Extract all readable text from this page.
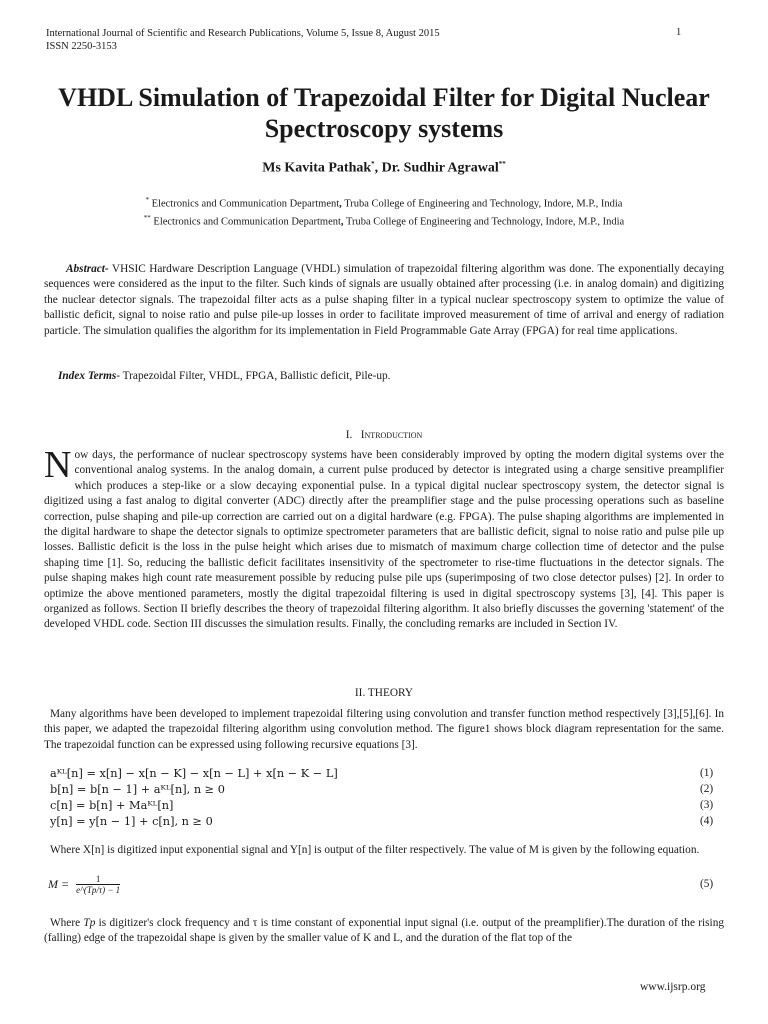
International Journal of Scientific and Research Publications, Volume 5, Issue 8, August 2015
ISSN 2250-3153
1
VHDL Simulation of Trapezoidal Filter for Digital Nuclear Spectroscopy systems
Ms Kavita Pathak*, Dr. Sudhir Agrawal**
* Electronics and Communication Department, Truba College of Engineering and Technology, Indore, M.P., India
** Electronics and Communication Department, Truba College of Engineering and Technology, Indore, M.P., India
Abstract- VHSIC Hardware Description Language (VHDL) simulation of trapezoidal filtering algorithm was done. The exponentially decaying sequences were considered as the input to the filter. Such kinds of signals are usually obtained after processing (i.e. in analog domain) and digitizing the nuclear detector signals. The trapezoidal filter acts as a pulse shaping filter in a typical nuclear spectroscopy system to optimize the value of ballistic deficit, signal to noise ratio and pulse pile-up losses in order to facilitate improved measurement of time of arrival and energy of radiation particle. The simulation qualifies the algorithm for its implementation in Field Programmable Gate Array (FPGA) for real time applications.
Index Terms- Trapezoidal Filter, VHDL, FPGA, Ballistic deficit, Pile-up.
I. Introduction
Now days, the performance of nuclear spectroscopy systems have been considerably improved by opting the modern digital systems over the conventional analog systems. In the analog domain, a current pulse produced by detector is integrated using a charge sensitive preamplifier which produces a step-like or a slow decaying exponential pulse. In a typical digital nuclear spectroscopy system, the detector signal is digitized using a fast analog to digital converter (ADC) directly after the preamplifier stage and the pulse processing operations such as baseline correction, pulse shaping and pile-up correction are carried out on a digital hardware (e.g. FPGA). The pulse shaping algorithms are implemented in the digital hardware to shape the detector signals to optimize spectrometer parameters that are ballistic deficit, signal to noise ratio and pulse pile up losses. Ballistic deficit is the loss in the pulse height which arises due to mismatch of maximum charge collection time of detector and the pulse shaping time [1]. So, reducing the ballistic deficit facilitates insensitivity of the spectrometer to rise-time fluctuations in the detector signals. The pulse shaping makes high count rate measurement possible by reducing pulse pile ups (superimposing of two close detector pulses) [2]. In order to optimize the above mentioned parameters, mostly the digital trapezoidal filtering is used in digital spectroscopy systems [3], [4]. This paper is organized as follows. Section II briefly describes the theory of trapezoidal filtering algorithm. It also briefly discusses the governing 'statement' of the developed VHDL code. Section III discusses the simulation results. Finally, the concluding remarks are included in Section IV.
II. THEORY
Many algorithms have been developed to implement trapezoidal filtering using convolution and transfer function method respectively [3],[5],[6]. In this paper, we adapted the trapezoidal filtering algorithm using convolution method. The figure1 shows block diagram representation for the same. The trapezoidal function can be expressed using following recursive equations [3].
aᴷᴸ[n] = x[n] − x[n − K] − x[n − L] + x[n − K − L]	(1)
b[n] = b[n − 1] + aᴷᴸ[n], n ≥ 0	(2)
c[n] = b[n] + Maᴷᴸ[n]	(3)
y[n] = y[n − 1] + c[n], n ≥ 0	(4)
Where X[n] is digitized input exponential signal and Y[n] is output of the filter respectively. The value of M is given by the following equation.
$M = \frac{1}{e\^{}(Tp/\tau) - 1}$	(5)
Where Tp is digitizer's clock frequency and τ is time constant of exponential input signal (i.e. output of the preamplifier).The duration of the rising (falling) edge of the trapezoidal shape is given by the smaller value of K and L, and the duration of the flat top of the
www.ijsrp.org
